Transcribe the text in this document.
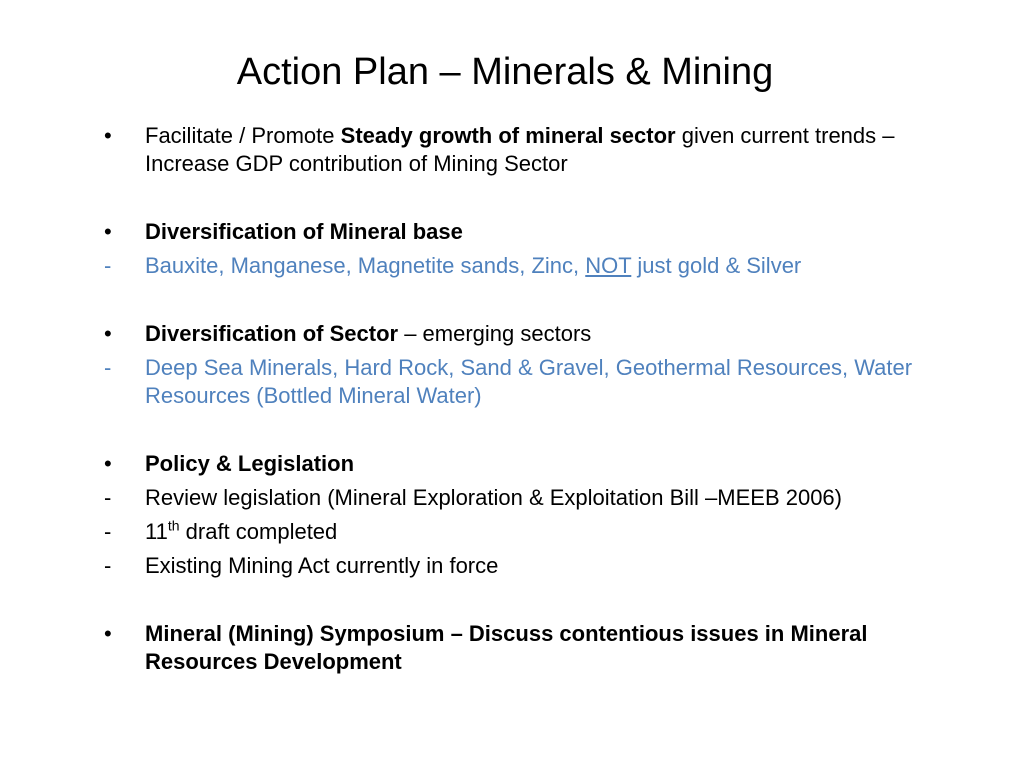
Action Plan – Minerals & Mining
•	Facilitate / Promote Steady growth of mineral sector given current trends – Increase GDP contribution of Mining Sector
•	Diversification of Mineral base
-	Bauxite, Manganese, Magnetite sands, Zinc, NOT just gold & Silver
•	Diversification of Sector – emerging sectors
-	Deep Sea Minerals, Hard Rock, Sand & Gravel, Geothermal Resources, Water Resources (Bottled Mineral Water)
•	Policy & Legislation
-	Review legislation (Mineral Exploration & Exploitation Bill –MEEB 2006)
-	11th draft completed
-	Existing Mining Act currently in force
•	Mineral (Mining) Symposium – Discuss contentious issues in Mineral Resources Development
